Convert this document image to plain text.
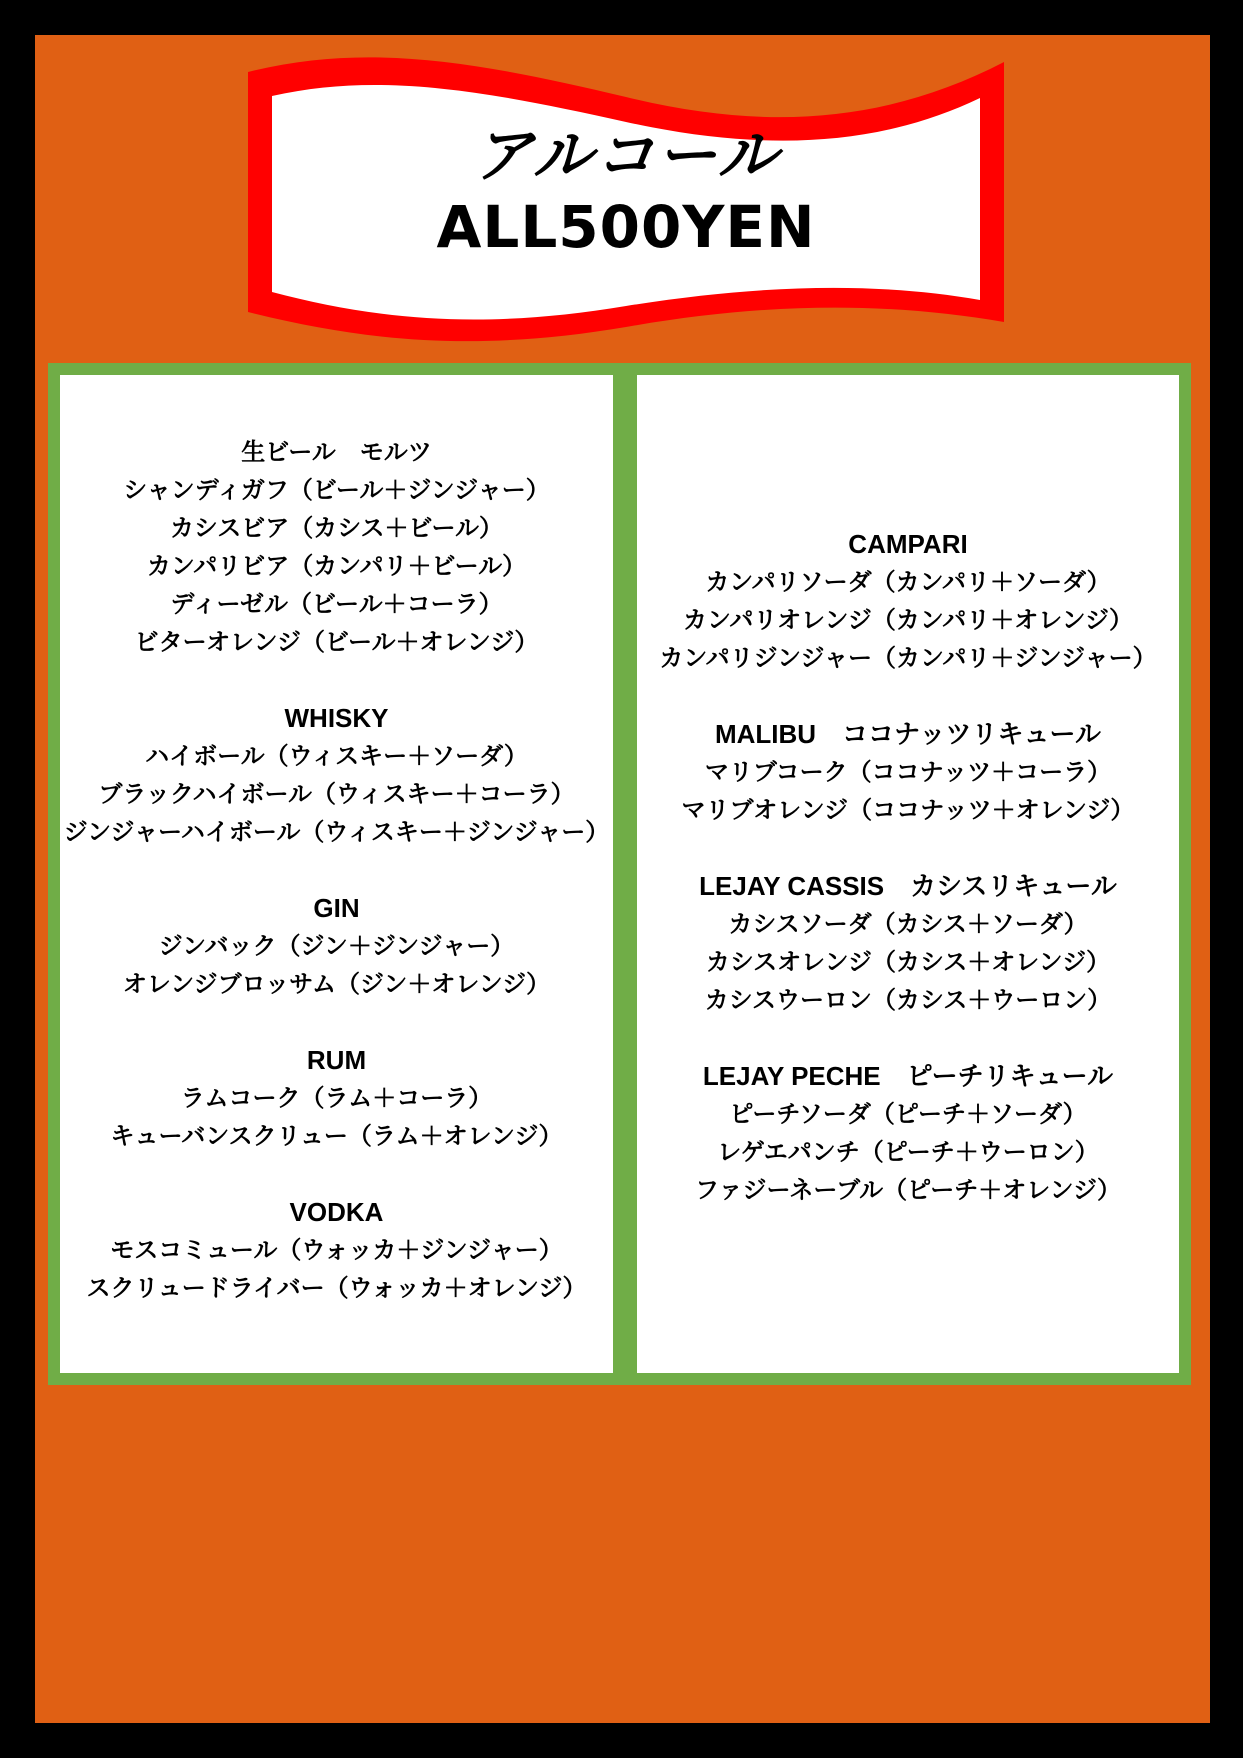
アルコール
ALL500YEN
生ビール　モルツ
シャンディガフ（ビール＋ジンジャー）
カシスビア（カシス＋ビール）
カンパリビア（カンパリ＋ビール）
ディーゼル（ビール＋コーラ）
ビターオレンジ（ビール＋オレンジ）
WHISKY
ハイボール（ウィスキー＋ソーダ）
ブラックハイボール（ウィスキー＋コーラ）
ジンジャーハイボール（ウィスキー＋ジンジャー）
GIN
ジンバック（ジン＋ジンジャー）
オレンジブロッサム（ジン＋オレンジ）
RUM
ラムコーク（ラム＋コーラ）
キューバンスクリュー（ラム＋オレンジ）
VODKA
モスコミュール（ウォッカ＋ジンジャー）
スクリュードライバー（ウォッカ＋オレンジ）
CAMPARI
カンパリソーダ（カンパリ＋ソーダ）
カンパリオレンジ（カンパリ＋オレンジ）
カンパリジンジャー（カンパリ＋ジンジャー）
MALIBU　ココナッツリキュール
マリブコーク（ココナッツ＋コーラ）
マリブオレンジ（ココナッツ＋オレンジ）
LEJAY CASSIS　カシスリキュール
カシスソーダ（カシス＋ソーダ）
カシスオレンジ（カシス＋オレンジ）
カシスウーロン（カシス＋ウーロン）
LEJAY PECHE　ピーチリキュール
ピーチソーダ（ピーチ＋ソーダ）
レゲエパンチ（ピーチ＋ウーロン）
ファジーネーブル（ピーチ＋オレンジ）
